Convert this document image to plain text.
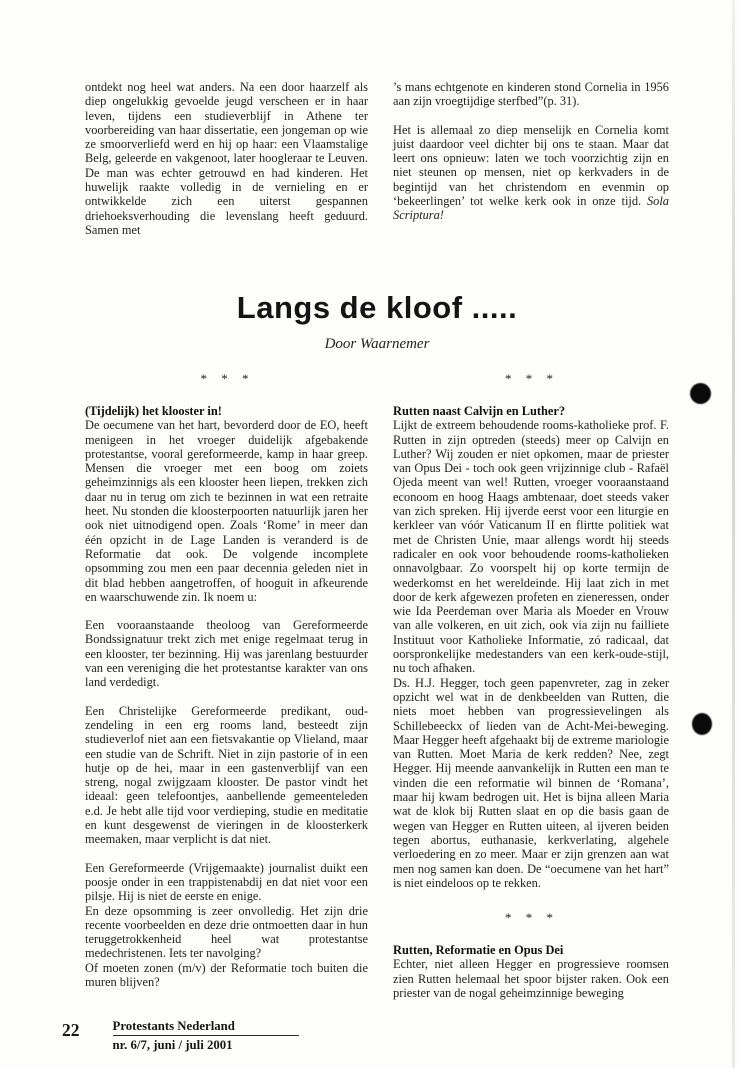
ontdekt nog heel wat anders. Na een door haarzelf als diep ongelukkig gevoelde jeugd verscheen er in haar leven, tijdens een studieverblijf in Athene ter voorbereiding van haar dissertatie, een jongeman op wie ze smoorverliefd werd en hij op haar: een Vlaamstalige Belg, geleerde en vakgenoot, later hoogleraar te Leuven. De man was echter getrouwd en had kinderen. Het huwelijk raakte volledig in de vernieling en er ontwikkelde zich een uiterst gespannen driehoeksverhouding die levenslang heeft geduurd. Samen met
’s mans echtgenote en kinderen stond Cornelia in 1956 aan zijn vroegtijdige sterfbed”(p. 31).
Het is allemaal zo diep menselijk en Cornelia komt juist daardoor veel dichter bij ons te staan. Maar dat leert ons opnieuw: laten we toch voorzichtig zijn en niet steunen op mensen, niet op kerkvaders in de begintijd van het christendom en evenmin op ‘bekeerlingen’ tot welke kerk ook in onze tijd. Sola Scriptura!
Langs de kloof .....
Door Waarnemer
* * *
(Tijdelijk) het klooster in!
De oecumene van het hart, bevorderd door de EO, heeft menigeen in het vroeger duidelijk afgebakende protestantse, vooral gereformeerde, kamp in haar greep. Mensen die vroeger met een boog om zoiets geheimzinnigs als een klooster heen liepen, trekken zich daar nu in terug om zich te bezinnen in wat een retraite heet. Nu stonden die kloosterpoorten natuurlijk jaren her ook niet uitnodigend open. Zoals ‘Rome’ in meer dan één opzicht in de Lage Landen is veranderd is de Reformatie dat ook. De volgende incomplete opsomming zou men een paar decennia geleden niet in dit blad hebben aangetroffen, of hooguit in afkeurende en waarschuwende zin. Ik noem u:
Een vooraanstaande theoloog van Gereformeerde Bondssignatuur trekt zich met enige regelmaat terug in een klooster, ter bezinning. Hij was jarenlang bestuurder van een vereniging die het protestantse karakter van ons land verdedigt.
Een Christelijke Gereformeerde predikant, oud-zendeling in een erg rooms land, besteedt zijn studieverlof niet aan een fietsvakantie op Vlieland, maar een studie van de Schrift. Niet in zijn pastorie of in een hutje op de hei, maar in een gastenverblijf van een streng, nogal zwijgzaam klooster. De pastor vindt het ideaal: geen telefoontjes, aanbellende gemeenteleden e.d. Je hebt alle tijd voor verdieping, studie en meditatie en kunt desgewenst de vieringen in de kloosterkerk meemaken, maar verplicht is dat niet.
Een Gereformeerde (Vrijgemaakte) journalist duikt een poosje onder in een trappistenabdij en dat niet voor een pilsje. Hij is niet de eerste en enige.
En deze opsomming is zeer onvolledig. Het zijn drie recente voorbeelden en deze drie ontmoetten daar in hun teruggetrokkenheid heel wat protestantse medechristenen. Iets ter navolging?
Of moeten zonen (m/v) der Reformatie toch buiten die muren blijven?
* * *
Rutten naast Calvijn en Luther?
Lijkt de extreem behoudende rooms-katholieke prof. F. Rutten in zijn optreden (steeds) meer op Calvijn en Luther? Wij zouden er niet opkomen, maar de priester van Opus Dei - toch ook geen vrijzinnige club - Rafaël Ojeda meent van wel! Rutten, vroeger vooraanstaand econoom en hoog Haags ambtenaar, doet steeds vaker van zich spreken. Hij ijverde eerst voor een liturgie en kerkleer van vóór Vaticanum II en flirtte politiek wat met de Christen Unie, maar allengs wordt hij steeds radicaler en ook voor behoudende rooms-katholieken onnavolgbaar. Zo voorspelt hij op korte termijn de wederkomst en het wereldeinde. Hij laat zich in met door de kerk afgewezen profeten en zieneressen, onder wie Ida Peerdeman over Maria als Moeder en Vrouw van alle volkeren, en uit zich, ook via zijn nu failliete Instituut voor Katholieke Informatie, zó radicaal, dat oorspronkelijke medestanders van een kerk-oude-stijl, nu toch afhaken.
Ds. H.J. Hegger, toch geen papenvreter, zag in zeker opzicht wel wat in de denkbeelden van Rutten, die niets moet hebben van progressievelingen als Schillebeeckx of lieden van de Acht-Mei-beweging. Maar Hegger heeft afgehaakt bij de extreme mariologie van Rutten. Moet Maria de kerk redden? Nee, zegt Hegger. Hij meende aanvankelijk in Rutten een man te vinden die een reformatie wil binnen de ‘Romana’, maar hij kwam bedrogen uit. Het is bijna alleen Maria wat de klok bij Rutten slaat en op die basis gaan de wegen van Hegger en Rutten uiteen, al ijveren beiden tegen abortus, euthanasie, kerkverlating, algehele verloedering en zo meer. Maar er zijn grenzen aan wat men nog samen kan doen. De “oecumene van het hart” is niet eindeloos op te rekken.
* * *
Rutten, Reformatie en Opus Dei
Echter, niet alleen Hegger en progressieve roomsen zien Rutten helemaal het spoor bijster raken. Ook een priester van de nogal geheimzinnige beweging
22	Protestants Nederland
nr. 6/7, juni / juli 2001
